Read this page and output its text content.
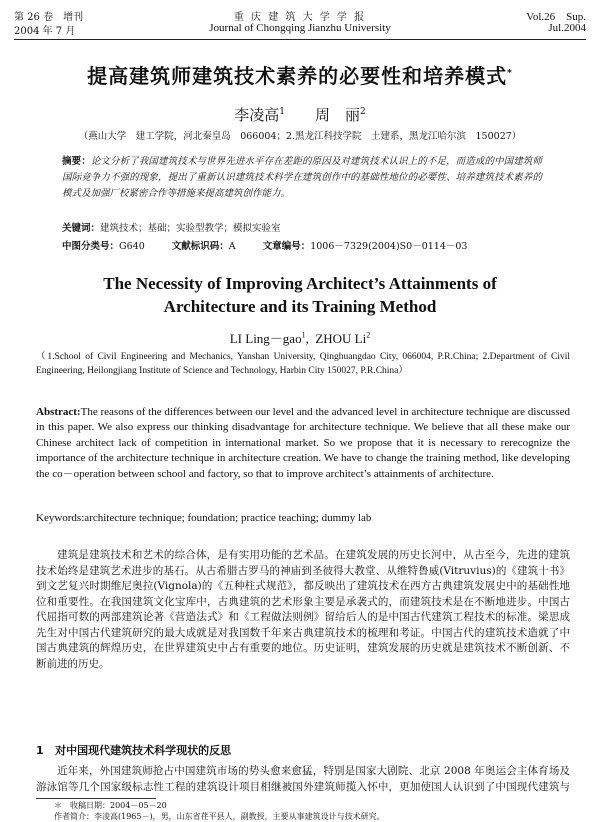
第 26 卷　增刊
2004 年 7 月
重 庆 建 筑 大 学 学 报
Journal of Chongqing Jianzhu University
Vol.26　Sup.
Jul.2004
提高建筑师建筑技术素养的必要性和培养模式*
李凌高$^1$ 周　丽$^2$
（燕山大学　建工学院，河北秦皇岛　066004；2.黑龙江科技学院　土建系，黑龙江哈尔滨　150027）
摘要：论文分析了我国建筑技术与世界先进水平存在差距的原因及对建筑技术认识上的不足，而造成的中国建筑师国际竞争力不强的现象，提出了重新认识建筑技术科学在建筑创作中的基础性地位的必要性、培养建筑技术素养的模式及加强厂校紧密合作等措施来提高建筑创作能力。
关键词：建筑技术；基础；实验型教学；模拟实验室
中图分类号：G640	文献标识码：A	文章编号：1006－7329(2004)S0－0114－03
The Necessity of Improving Architect’s Attainments of
Architecture and its Training Method
LI Ling－gao$^1$,  ZHOU Li$^2$
（1.School of Civil Engineering and Mechanics, Yanshan University, Qinghuangdao City, 066004, P.R.China; 2.Department of Civil Engineering, Heilongjiang Institute of Science and Technology, Harbin City 150027, P.R.China）
Abstract:The reasons of the differences between our level and the advanced level in architecture technique are discussed in this paper. We also express our thinking disadvantage for architecture technique. We believe that all these make our Chinese architect lack of competition in international market. So we propose that it is necessary to rerecognize the importance of the architecture technique in architecture creation. We have to change the training method, like developing the co－operation between school and factory, so that to improve architect’s attainments of architecture.
Keywords:architecture technique; foundation; practice teaching; dummy lab
建筑是建筑技术和艺术的综合体，是有实用功能的艺术品。在建筑发展的历史长河中，从古至今，先进的建筑技术始终是建筑艺术进步的基石。从古希腊古罗马的神庙到圣彼得大教堂、从维特鲁威(Vitruvius)的《建筑十书》到文艺复兴时期维尼奥拉(Vignola)的《五种柱式规范》，都反映出了建筑技术在西方古典建筑发展史中的基础性地位和重要性。在我国建筑文化宝库中，古典建筑的艺术形象主要是承袭式的，而建筑技术是在不断地进步。中国古代屈指可数的两部建筑论著《营造法式》和《工程做法则例》留给后人的是中国古代建筑工程技术的标准。梁思成先生对中国古代建筑研究的最大成就是对我国数千年来古典建筑技术的梳理和考证。中国古代的建筑技术造就了中国古典建筑的辉煌历史，在世界建筑史中占有重要的地位。历史证明，建筑发展的历史就是建筑技术不断创新、不断前进的历史。
1 对中国现代建筑技术科学现状的反思
近年来，外国建筑师抢占中国建筑市场的势头愈来愈猛，特别是国家大剧院、北京 2008 年奥运会主体育场及游泳馆等几个国家级标志性工程的建筑设计项目相继被国外建筑师揽入怀中，更加使国人认识到了中国现代建筑与
＊　收稿日期：2004－05－20
作者简介：李凌高(1965－)，男，山东省荏平县人，副教授，主要从事建筑设计与技术研究。
